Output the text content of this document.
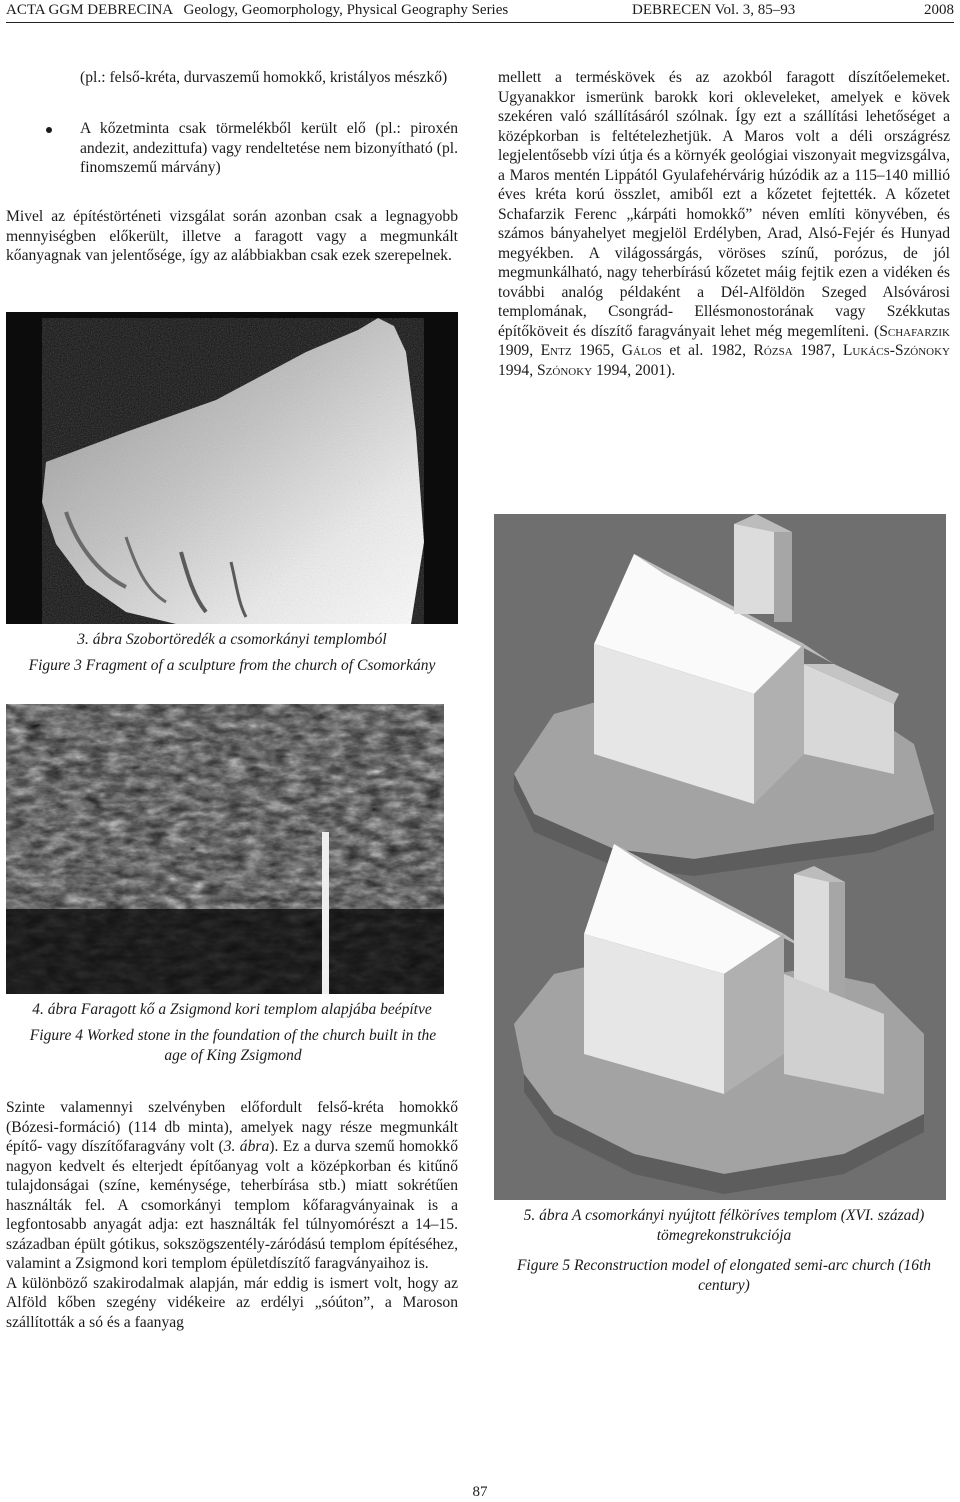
ACTA GGM DEBRECINA   Geology, Geomorphology, Physical Geography Series	DEBRECEN Vol. 3, 85–93	2008

(pl.: felső-kréta, durvaszemű homokkő, kristályos mészkő)

A kőzetminta csak törmelékből került elő (pl.: piroxén andezit, andezittufa) vagy rendeltetése nem bizonyítható (pl. finomszemű márvány)

Mivel az építéstörténeti vizsgálat során azonban csak a legnagyobb mennyiségben előkerült, illetve a faragott vagy a megmunkált kőanyagnak van jelentősége, így az alábbiakban csak ezek szerepelnek.

3. ábra Szobortöredék a csomorkányi templomból
Figure 3 Fragment of a sculpture from the church of Csomorkány
4. ábra Faragott kő a Zsigmond kori templom alapjába beépítve
Figure 4 Worked stone in the foundation of the church built in the age of King Zsigmond

Szinte valamennyi szelvényben előfordult felső-kréta homokkő (Bózesi-formáció) (114 db minta), amelyek nagy része megmunkált építő- vagy díszítőfaragvány volt (3. ábra). Ez a durva szemű homokkő nagyon kedvelt és elterjedt építőanyag volt a középkorban és kitűnő tulajdonságai (színe, keménysége, teherbírása stb.) miatt sokrétűen használták fel. A csomorkányi templom kőfaragványainak is a legfontosabb anyagát adja: ezt használták fel túlnyomórészt a 14–15. században épült gótikus, sokszögszentély-záródású templom építéséhez, valamint a Zsigmond kori templom épületdíszítő faragványaihoz is.

A különböző szakirodalmak alapján, már eddig is ismert volt, hogy az Alföld kőben szegény vidékeire az erdélyi „sóúton”, a Maroson szállították a só és a faanyag

mellett a terméskövek és az azokból faragott díszítőelemeket. Ugyanakkor ismerünk barokk kori okleveleket, amelyek e kövek szekéren való szállításáról szólnak. Így ezt a szállítási lehetőséget a középkorban is feltételezhetjük. A Maros volt a déli országrész legjelentősebb vízi útja és a környék geológiai viszonyait megvizsgálva, a Maros mentén Lippától Gyulafehérvárig húzódik az a 115–140 millió éves kréta korú összlet, amiből ezt a kőzetet fejtették. A kőzetet Schafarzik Ferenc „kárpáti homokkő” néven említi könyvében, és számos bányahelyet megjelöl Erdélyben, Arad, Alsó-Fejér és Hunyad megyékben. A világossárgás, vöröses színű, porózus, de jól megmunkálható, nagy teherbírású kőzetet máig fejtik ezen a vidéken és további analóg példaként a Dél-Alföldön Szeged Alsóvárosi templomának, Csongrád- Ellésmonostorának vagy Székkutas építőköveit és díszítő faragványait lehet még megemlíteni. (Schafarzik 1909, Entz 1965, Gálos et al. 1982, Rózsa 1987, Lukács-Szónoky 1994, Szónoky 1994, 2001).

5. ábra A csomorkányi nyújtott félköríves templom (XVI. század) tömegrekonstrukciója
Figure 5 Reconstruction model of elongated semi-arc church (16th century)
87
